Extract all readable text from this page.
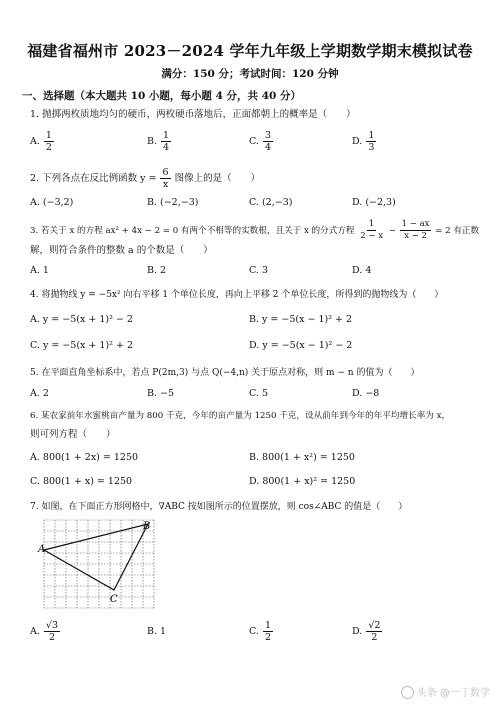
福建省福州市 2023－2024 学年九年级上学期数学期末模拟试卷
满分：150 分；考试时间：120 分钟
一、选择题（本大题共 10 小题，每小题 4 分，共 40 分）
1. 抛掷两枚质地均匀的硬币，两枚硬币落地后，正面都朝上的概率是（　　）
A. $\frac{1}{2}$	B. $\frac{1}{4}$	C. $\frac{3}{4}$	D. $\frac{1}{3}$
2. 下列各点在反比例函数 $y = \frac{6}{x}$ 图像上的是（　　）
A. (−3,2)	B. (−2,−3)	C. (2,−3)	D. (−2,3)
3. 若关于 x 的方程 ax² + 4x − 2 = 0 有两个不相等的实数根，且关于 x 的分式方程 $\frac{1}{2 - x} - \frac{1 - ax}{x - 2} = 2$ 有正数
解，则符合条件的整数 a 的个数是（　　）
A. 1	B. 2	C. 3	D. 4
4. 将抛物线 y = −5x² 向右平移 1 个单位长度，再向上平移 2 个单位长度，所得到的抛物线为（　　）
A. y = −5(x + 1)² − 2	B. y = −5(x − 1)² + 2
C. y = −5(x + 1)² + 2	D. y = −5(x − 1)² − 2
5. 在平面直角坐标系中，若点 P(2m,3) 与点 Q(−4,n) 关于原点对称，则 m − n 的值为（　　）
A. 2	B. −5	C. 5	D. −8
6. 某农家前年水蜜桃亩产量为 800 千克，今年的亩产量为 1250 千克，设从前年到今年的年平均增长率为 x，
则可列方程（　　）
A. 800(1 + 2x) = 1250	B. 800(1 + x²) = 1250
C. 800(1 + x) = 1250	D. 800(1 + x)² = 1250
7. 如图，在下面正方形网格中，∇ABC 按如图所示的位置摆放，则 cos∠ABC 的值是（　　）
A
B
C
A. $\frac{√3}{2}$	B. 1	C. $\frac{1}{2}$	D. $\frac{√2}{2}$
头条 @一丁数学
